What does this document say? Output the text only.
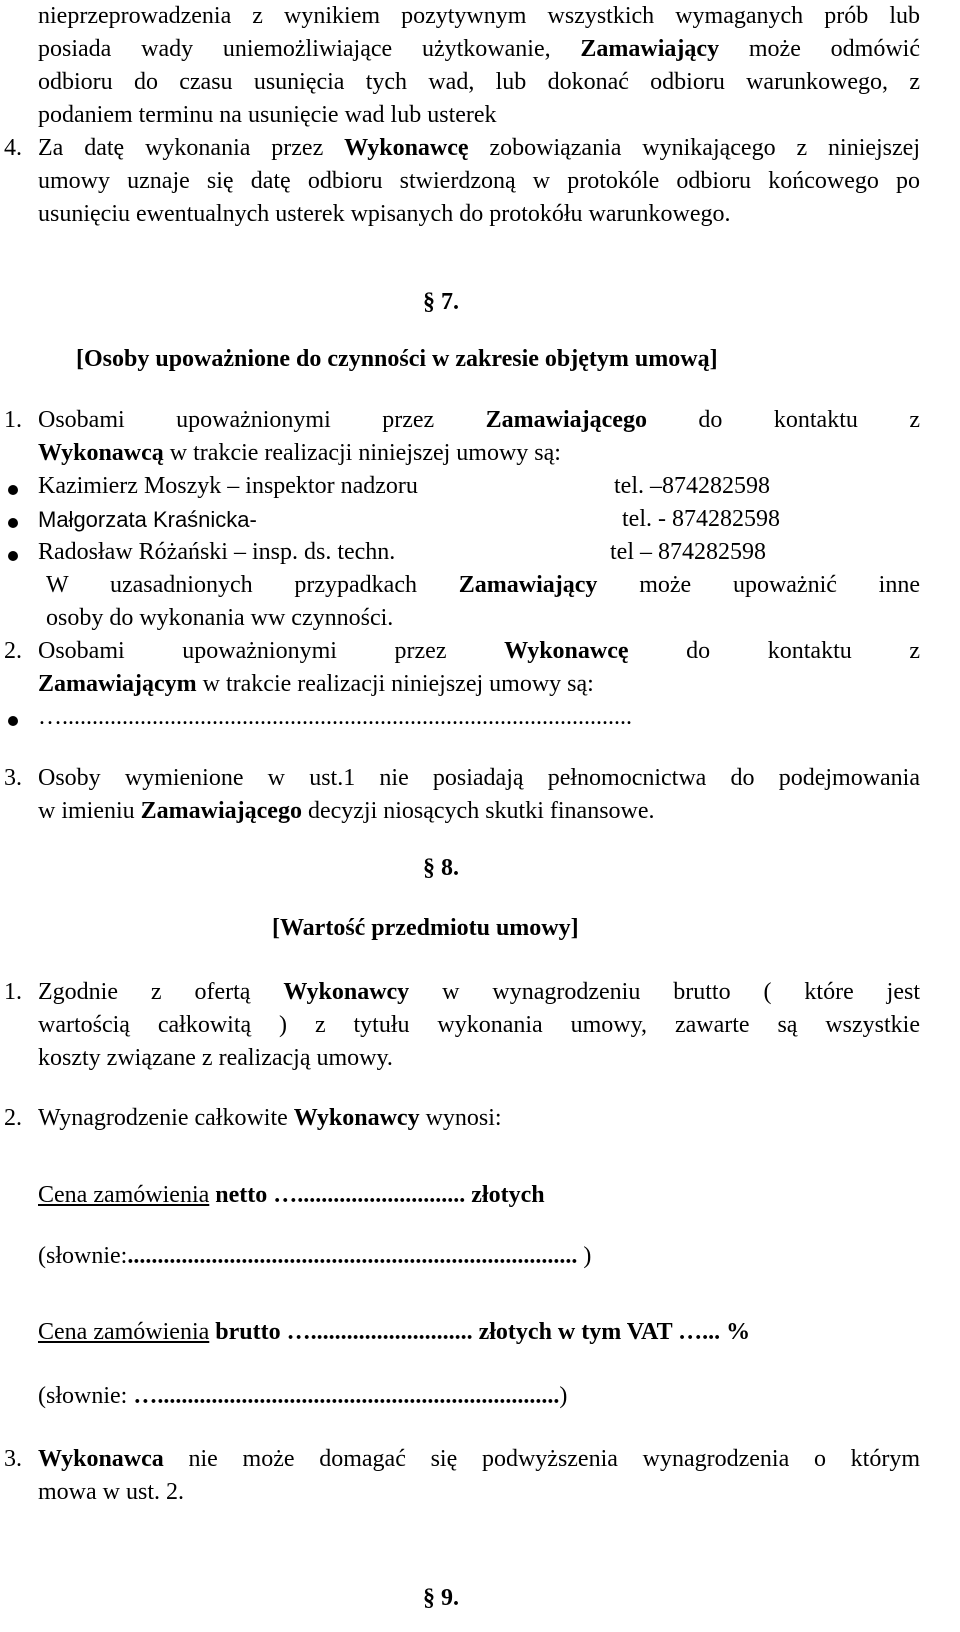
nieprzeprowadzenia z wynikiem pozytywnym wszystkich wymaganych prób lub
posiada wady uniemożliwiające użytkowanie, Zamawiający może odmówić
odbioru do czasu usunięcia tych wad, lub dokonać odbioru warunkowego, z
podaniem terminu na usunięcie wad lub usterek
4. Za datę wykonania przez Wykonawcę zobowiązania wynikającego z niniejszej
umowy uznaje się datę odbioru stwierdzoną w protokóle odbioru końcowego po
usunięciu ewentualnych usterek wpisanych do protokółu warunkowego.
§ 7.
[Osoby upoważnione do czynności w zakresie objętym umową]
1. Osobami upoważnionymi przez Zamawiającego do kontaktu z
Wykonawcą w trakcie realizacji niniejszej umowy są:
Kazimierz Moszyk – inspektor nadzoru	tel. –874282598
Małgorzata Kraśnicka-	tel. - 874282598
Radosław Różański – insp. ds. techn.	tel – 874282598
W uzasadnionych przypadkach Zamawiający może upoważnić inne
osoby do wykonania ww czynności.
2. Osobami upoważnionymi przez Wykonawcę do kontaktu z
Zamawiającym w trakcie realizacji niniejszej umowy są:
…...............................................................................................
3. Osoby wymienione w ust.1 nie posiadają pełnomocnictwa do podejmowania
w imieniu Zamawiającego decyzji niosących skutki finansowe.
§ 8.
[Wartość przedmiotu umowy]
1. Zgodnie z ofertą Wykonawcy w wynagrodzeniu brutto ( które jest
wartością całkowitą ) z tytułu wykonania umowy, zawarte są wszystkie
koszty związane z realizacją umowy.
2. Wynagrodzenie całkowite Wykonawcy wynosi:
Cena zamówienia netto …............................ złotych
(słownie:........................................................................... )
Cena zamówienia brutto …........................... złotych w tym VAT …... %
(słownie: …...................................................................)
3. Wykonawca nie może domagać się podwyższenia wynagrodzenia o którym
mowa w ust. 2.
§ 9.
